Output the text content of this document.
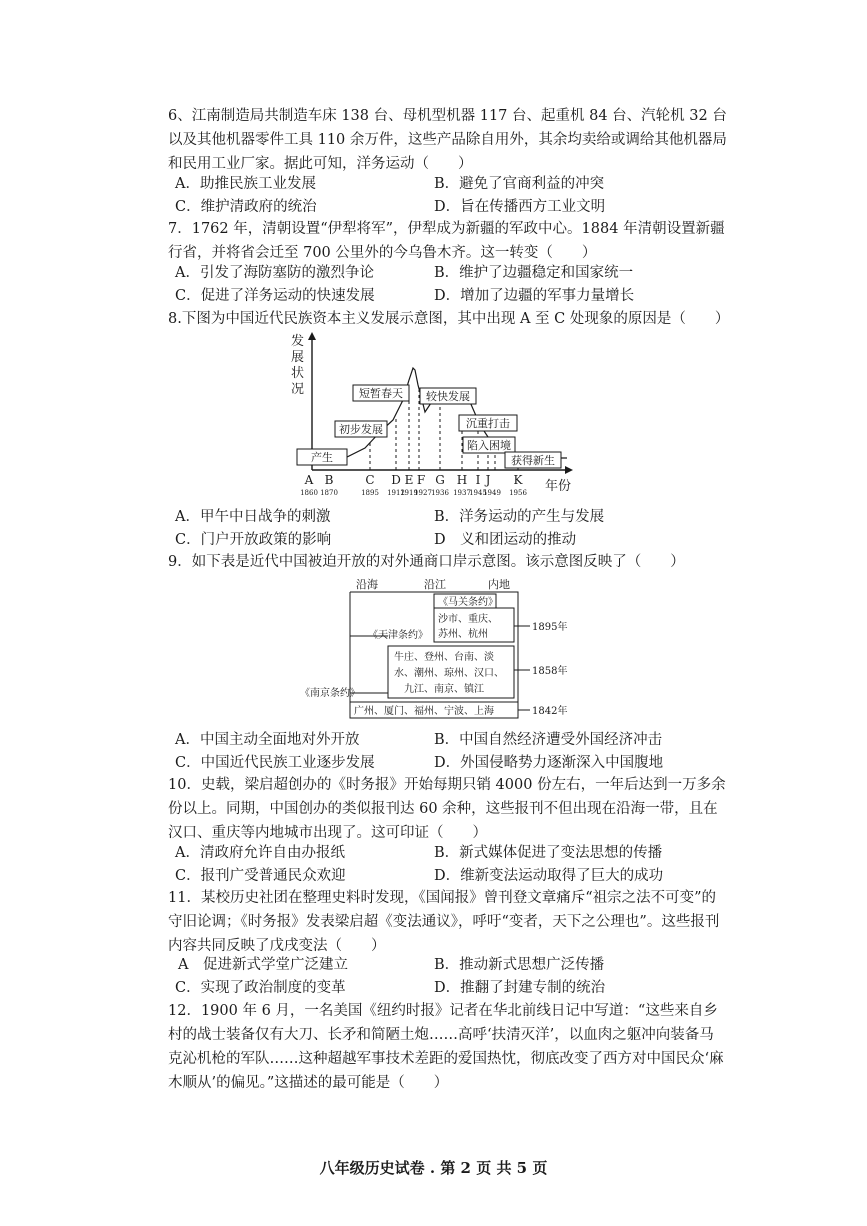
6、江南制造局共制造车床 138 台、母机型机器 117 台、起重机 84 台、汽轮机 32 台以及其他机器零件工具 110 余万件，这些产品除自用外，其余均卖给或调给其他机器局和民用工业厂家。据此可知，洋务运动（　　）
A．助推民族工业发展	B．避免了官商利益的冲突
C．维护清政府的统治	D．旨在传播西方工业文明
7．1762 年，清朝设置“伊犁将军”，伊犁成为新疆的军政中心。1884 年清朝设置新疆行省，并将省会迁至 700 公里外的今乌鲁木齐。这一转变（　　）
A．引发了海防塞防的激烈争论	B．维护了边疆稳定和国家统一
C．促进了洋务运动的快速发展	D．增加了边疆的军事力量增长
8.下图为中国近代民族资本主义发展示意图，其中出现 A 至 C 处现象的原因是（　　）
发
展
状
况
产生
初步发展
短暂春天 较快发展
沉重打击
陷入困境
获得新生
A B	C D E F G H I J K
1860 1870	1895 1912
1919
1927 1936 1937
1945
1949 1956 年份
A．甲午中日战争的刺激	B．洋务运动的产生与发展
C．门户开放政策的影响	D　义和团运动的推动
9．如下表是近代中国被迫开放的对外通商口岸示意图。该示意图反映了（　　）
沿海	沿江	内地
《马关条约》
沙市、重庆、
苏州、杭州
1895年
《天津条约》
牛庄、登州、台南、淡
水、潮州、琼州、汉口、
九江、南京、镇江
1858年
《南京条约》
广州、厦门、福州、宁波、上海	1842年
A．中国主动全面地对外开放	B．中国自然经济遭受外国经济冲击
C．中国近代民族工业逐步发展	D．外国侵略势力逐渐深入中国腹地
10．史载，梁启超创办的《时务报》开始每期只销 4000 份左右，一年后达到一万多余份以上。同期，中国创办的类似报刊达 60 余种，这些报刊不但出现在沿海一带，且在汉口、重庆等内地城市出现了。这可印证（　　）
A．清政府允许自由办报纸	B．新式媒体促进了变法思想的传播
C．报刊广受普通民众欢迎	D．维新变法运动取得了巨大的成功
11．某校历史社团在整理史料时发现，《国闻报》曾刊登文章痛斥“祖宗之法不可变”的守旧论调；《时务报》发表梁启超《变法通议》，呼吁“变者，天下之公理也”。这些报刊内容共同反映了戊戌变法（　　）
A　促进新式学堂广泛建立	B．推动新式思想广泛传播
C．实现了政治制度的变革	D．推翻了封建专制的统治
12．1900 年 6 月，一名美国《纽约时报》记者在华北前线日记中写道：“这些来自乡村的战士装备仅有大刀、长矛和简陋土炮……高呼‘扶清灭洋’，以血肉之躯冲向装备马克沁机枪的军队……这种超越军事技术差距的爱国热忱，彻底改变了西方对中国民众‘麻木顺从’的偏见。”这描述的最可能是（　　）
八年级历史试卷 . 第 2 页 共 5 页
